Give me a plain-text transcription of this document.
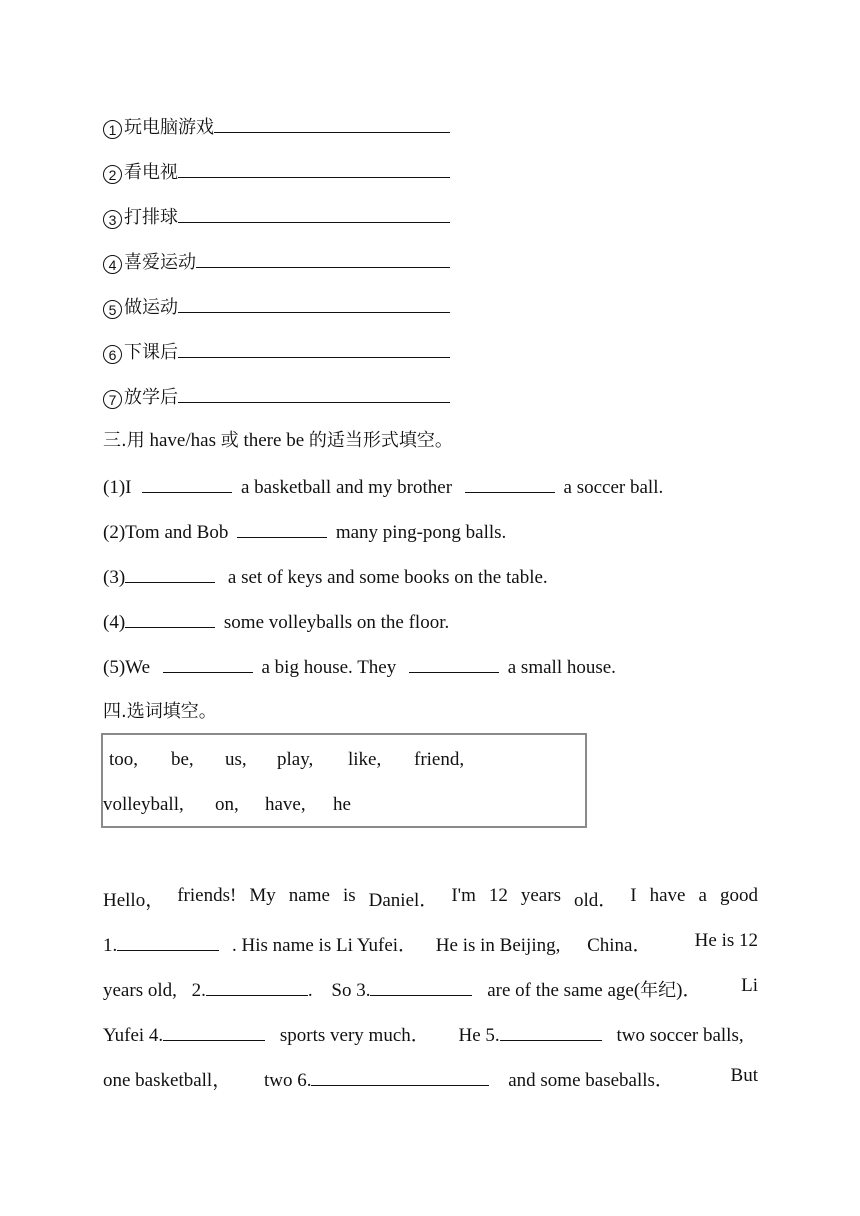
1 玩电脑游戏
2 看电视
3 打排球
4 喜爱运动
5 做运动
6 下课后
7 放学后
三.用 have/has 或 there be 的适当形式填空。
(1)I	a basketball and my brother	a soccer ball.
(2)Tom and Bob	many ping-pong balls.
(3)	a set of keys and some books on the table.
(4)	some volleyballs on the floor.
(5)We	a big house. They	a small house.
四.选词填空。
too, be, us, play, like, friend,
volleyball, on, have, he
Hello， friends! My name is Daniel． I'm 12 years old． I have a good
1.	. His name is Li Yufei． He is in Beijing, China． He is 12
years old, 2.	. So 3.	are of the same age(年纪)． Li
Yufei 4.	sports very much． He 5.	two soccer balls,
one basketball， two 6.	and some baseballs．	But
